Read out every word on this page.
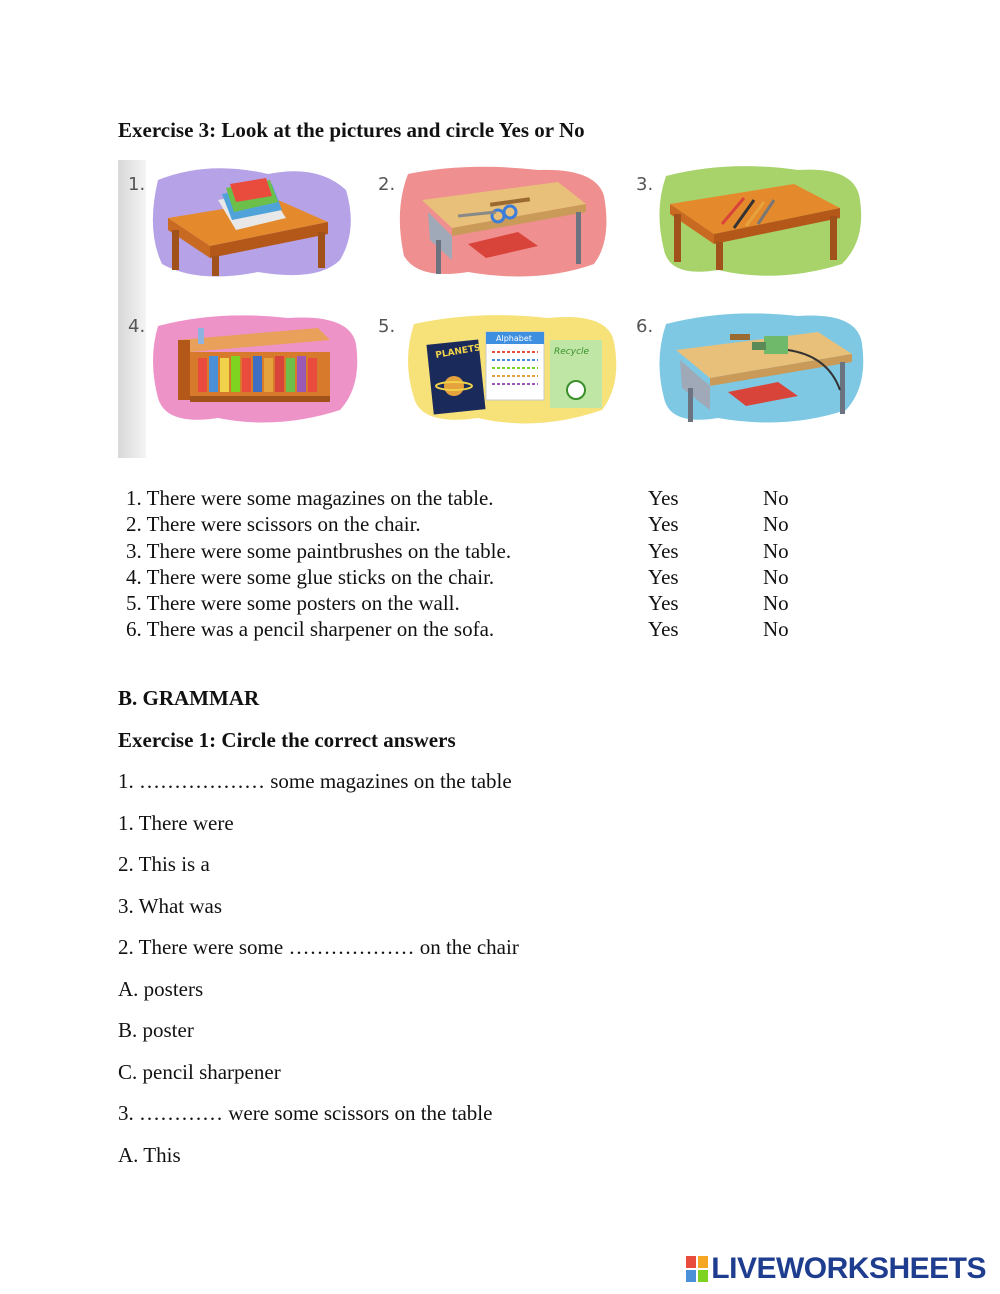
Exercise 3: Look at the pictures and circle Yes or No
PLANETS
Alphabet
Recycle
1.	2.	3.
4.	5.	6.
1. There were some magazines on the table.	Yes	No
2. There were scissors on the chair.	Yes	No
3. There were some paintbrushes on the table.	Yes	No
4. There were some glue sticks on the chair.	Yes	No
5. There were some posters on the wall.	Yes	No
6. There was a pencil sharpener on the sofa.	Yes	No
B. GRAMMAR
Exercise 1: Circle the correct answers
1. ……………… some magazines on the table
1. There were
2. This is a
3. What was
2. There were some ……………… on the chair
A. posters
B. poster
C. pencil sharpener
3. ………… were some scissors on the table
A. This
LIVEWORKSHEETS
